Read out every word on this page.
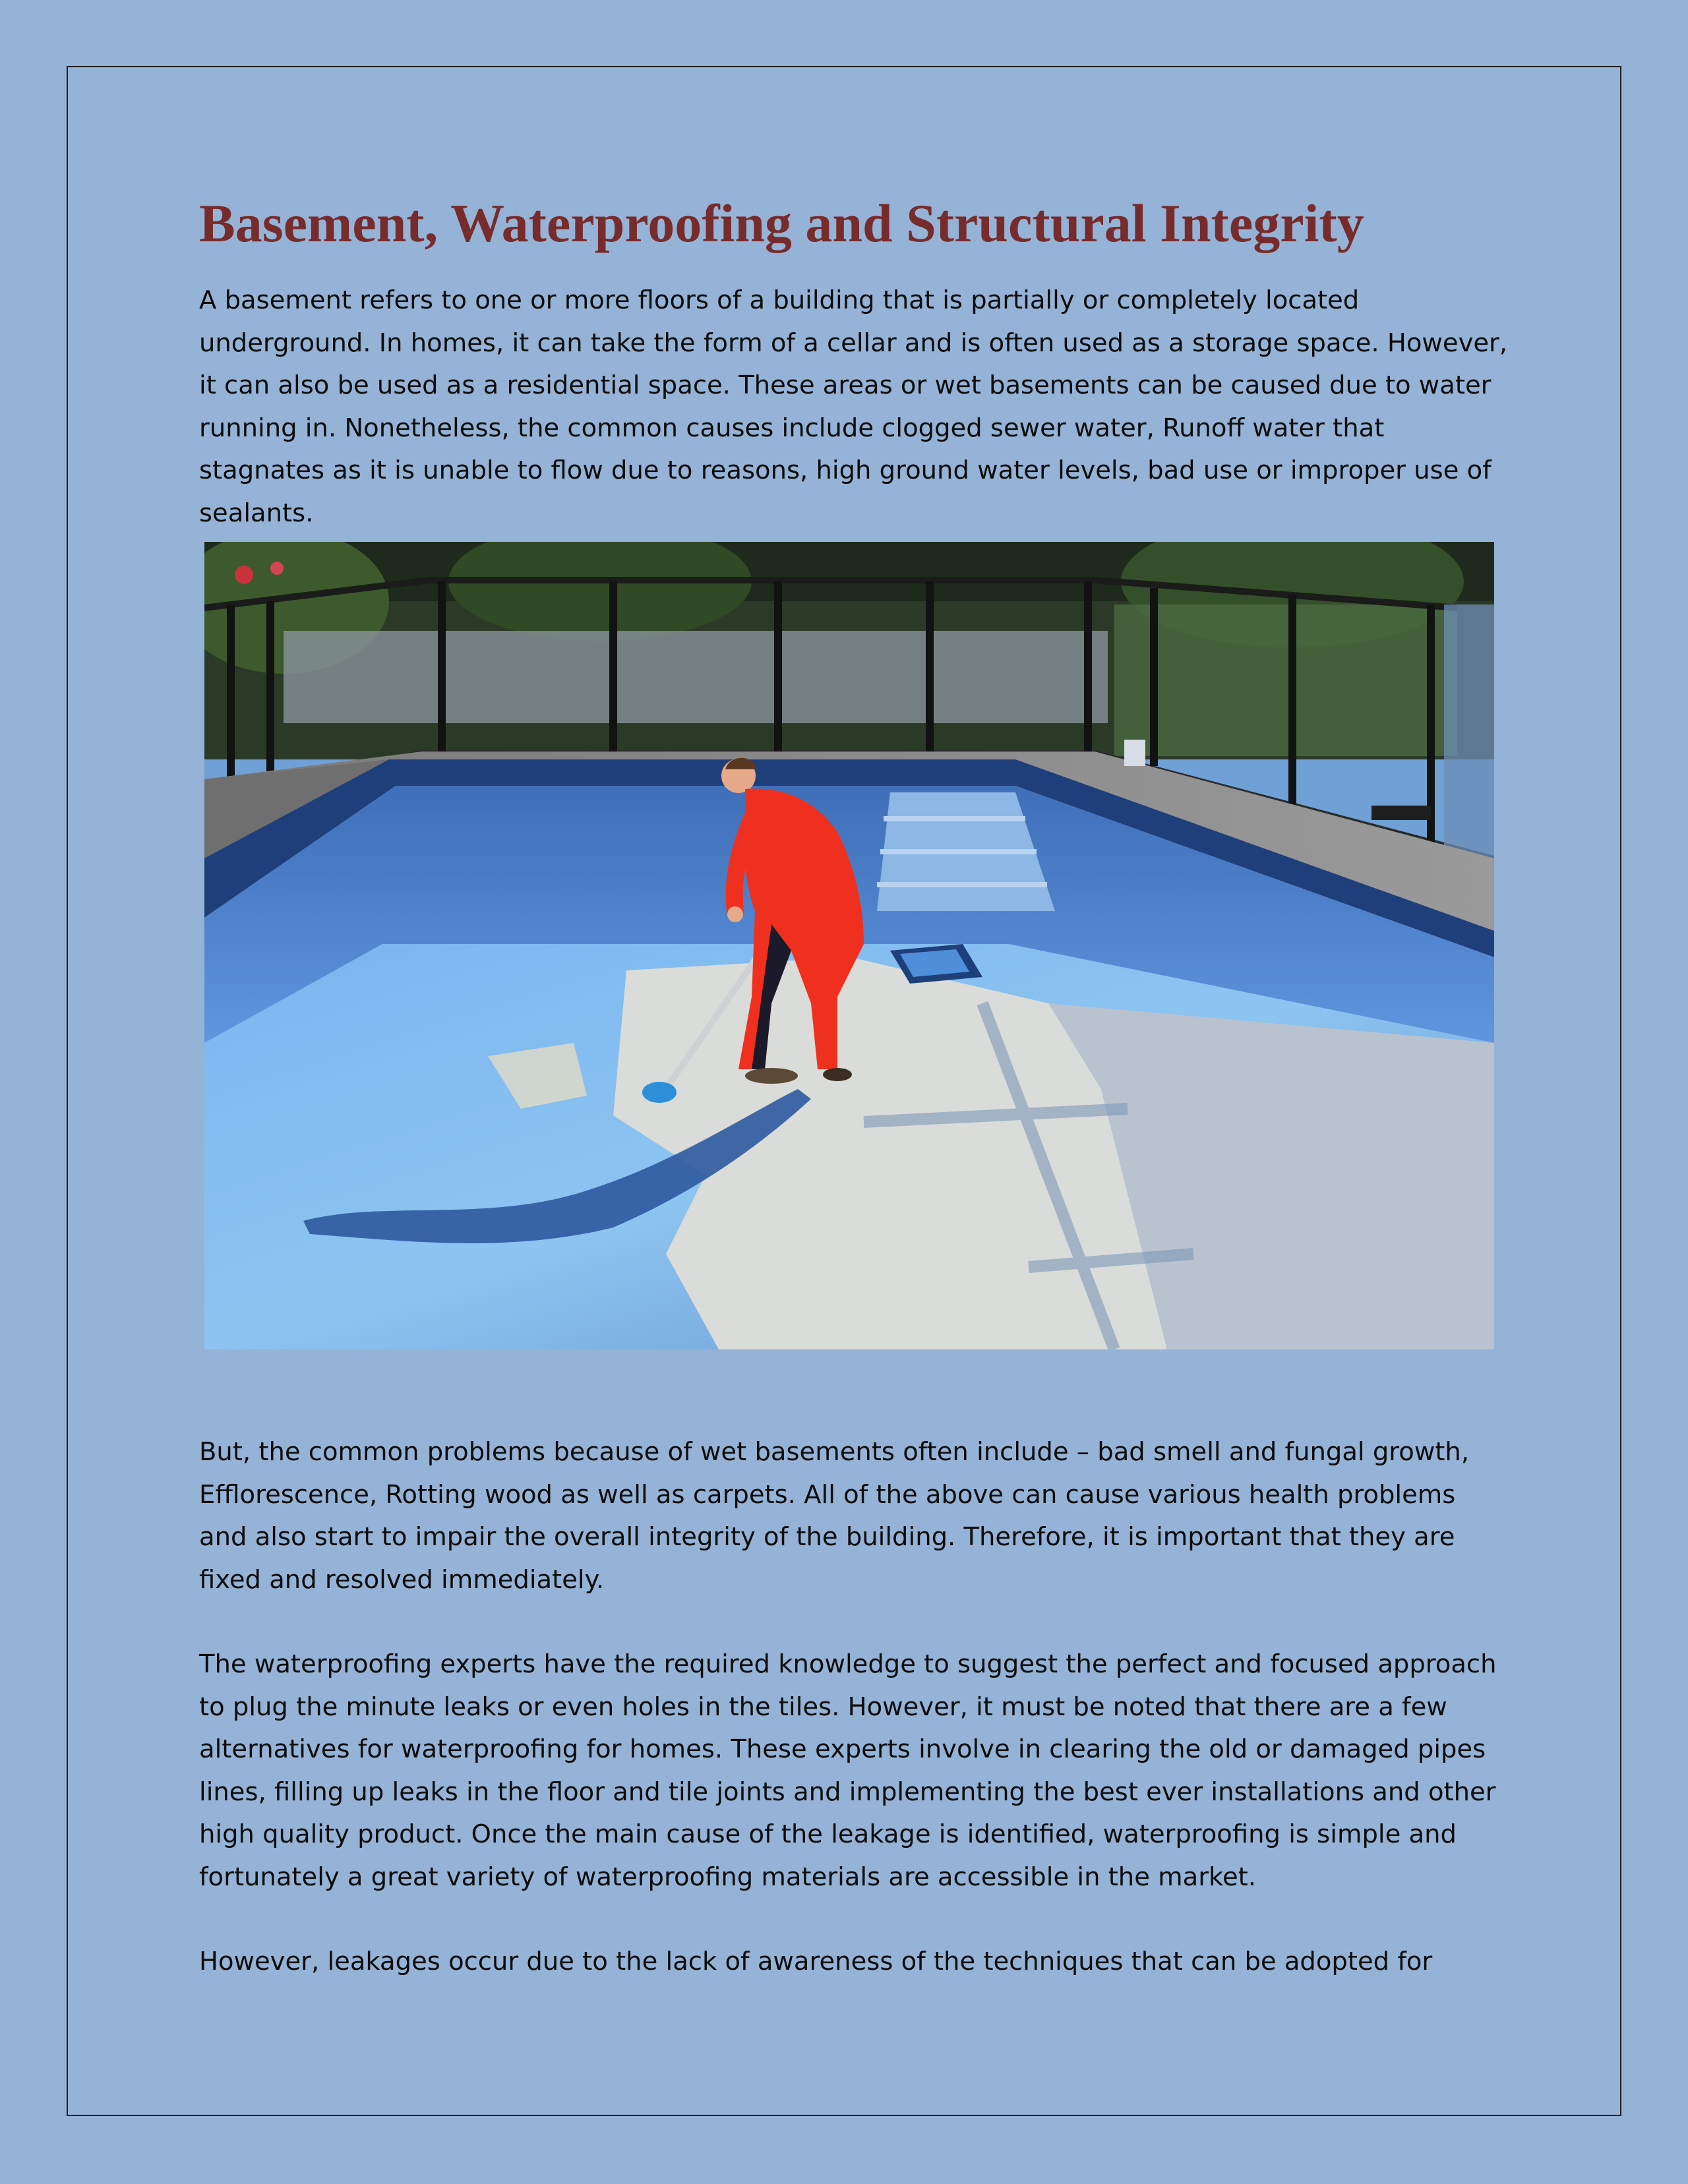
Basement, Waterproofing and Structural Integrity

A basement refers to one or more floors of a building that is partially or completely located underground. In homes, it can take the form of a cellar and is often used as a storage space. However, it can also be used as a residential space. These areas or wet basements can be caused due to water running in. Nonetheless, the common causes include clogged sewer water, Runoff water that stagnates as it is unable to flow due to reasons, high ground water levels, bad use or improper use of sealants.

But, the common problems because of wet basements often include – bad smell and fungal growth, Efflorescence, Rotting wood as well as carpets. All of the above can cause various health problems and also start to impair the overall integrity of the building. Therefore, it is important that they are fixed and resolved immediately.

The waterproofing experts have the required knowledge to suggest the perfect and focused approach to plug the minute leaks or even holes in the tiles. However, it must be noted that there are a few alternatives for waterproofing for homes. These experts involve in clearing the old or damaged pipes lines, filling up leaks in the floor and tile joints and implementing the best ever installations and other high quality product. Once the main cause of the leakage is identified, waterproofing is simple and fortunately a great variety of waterproofing materials are accessible in the market.

However, leakages occur due to the lack of awareness of the techniques that can be adopted for
